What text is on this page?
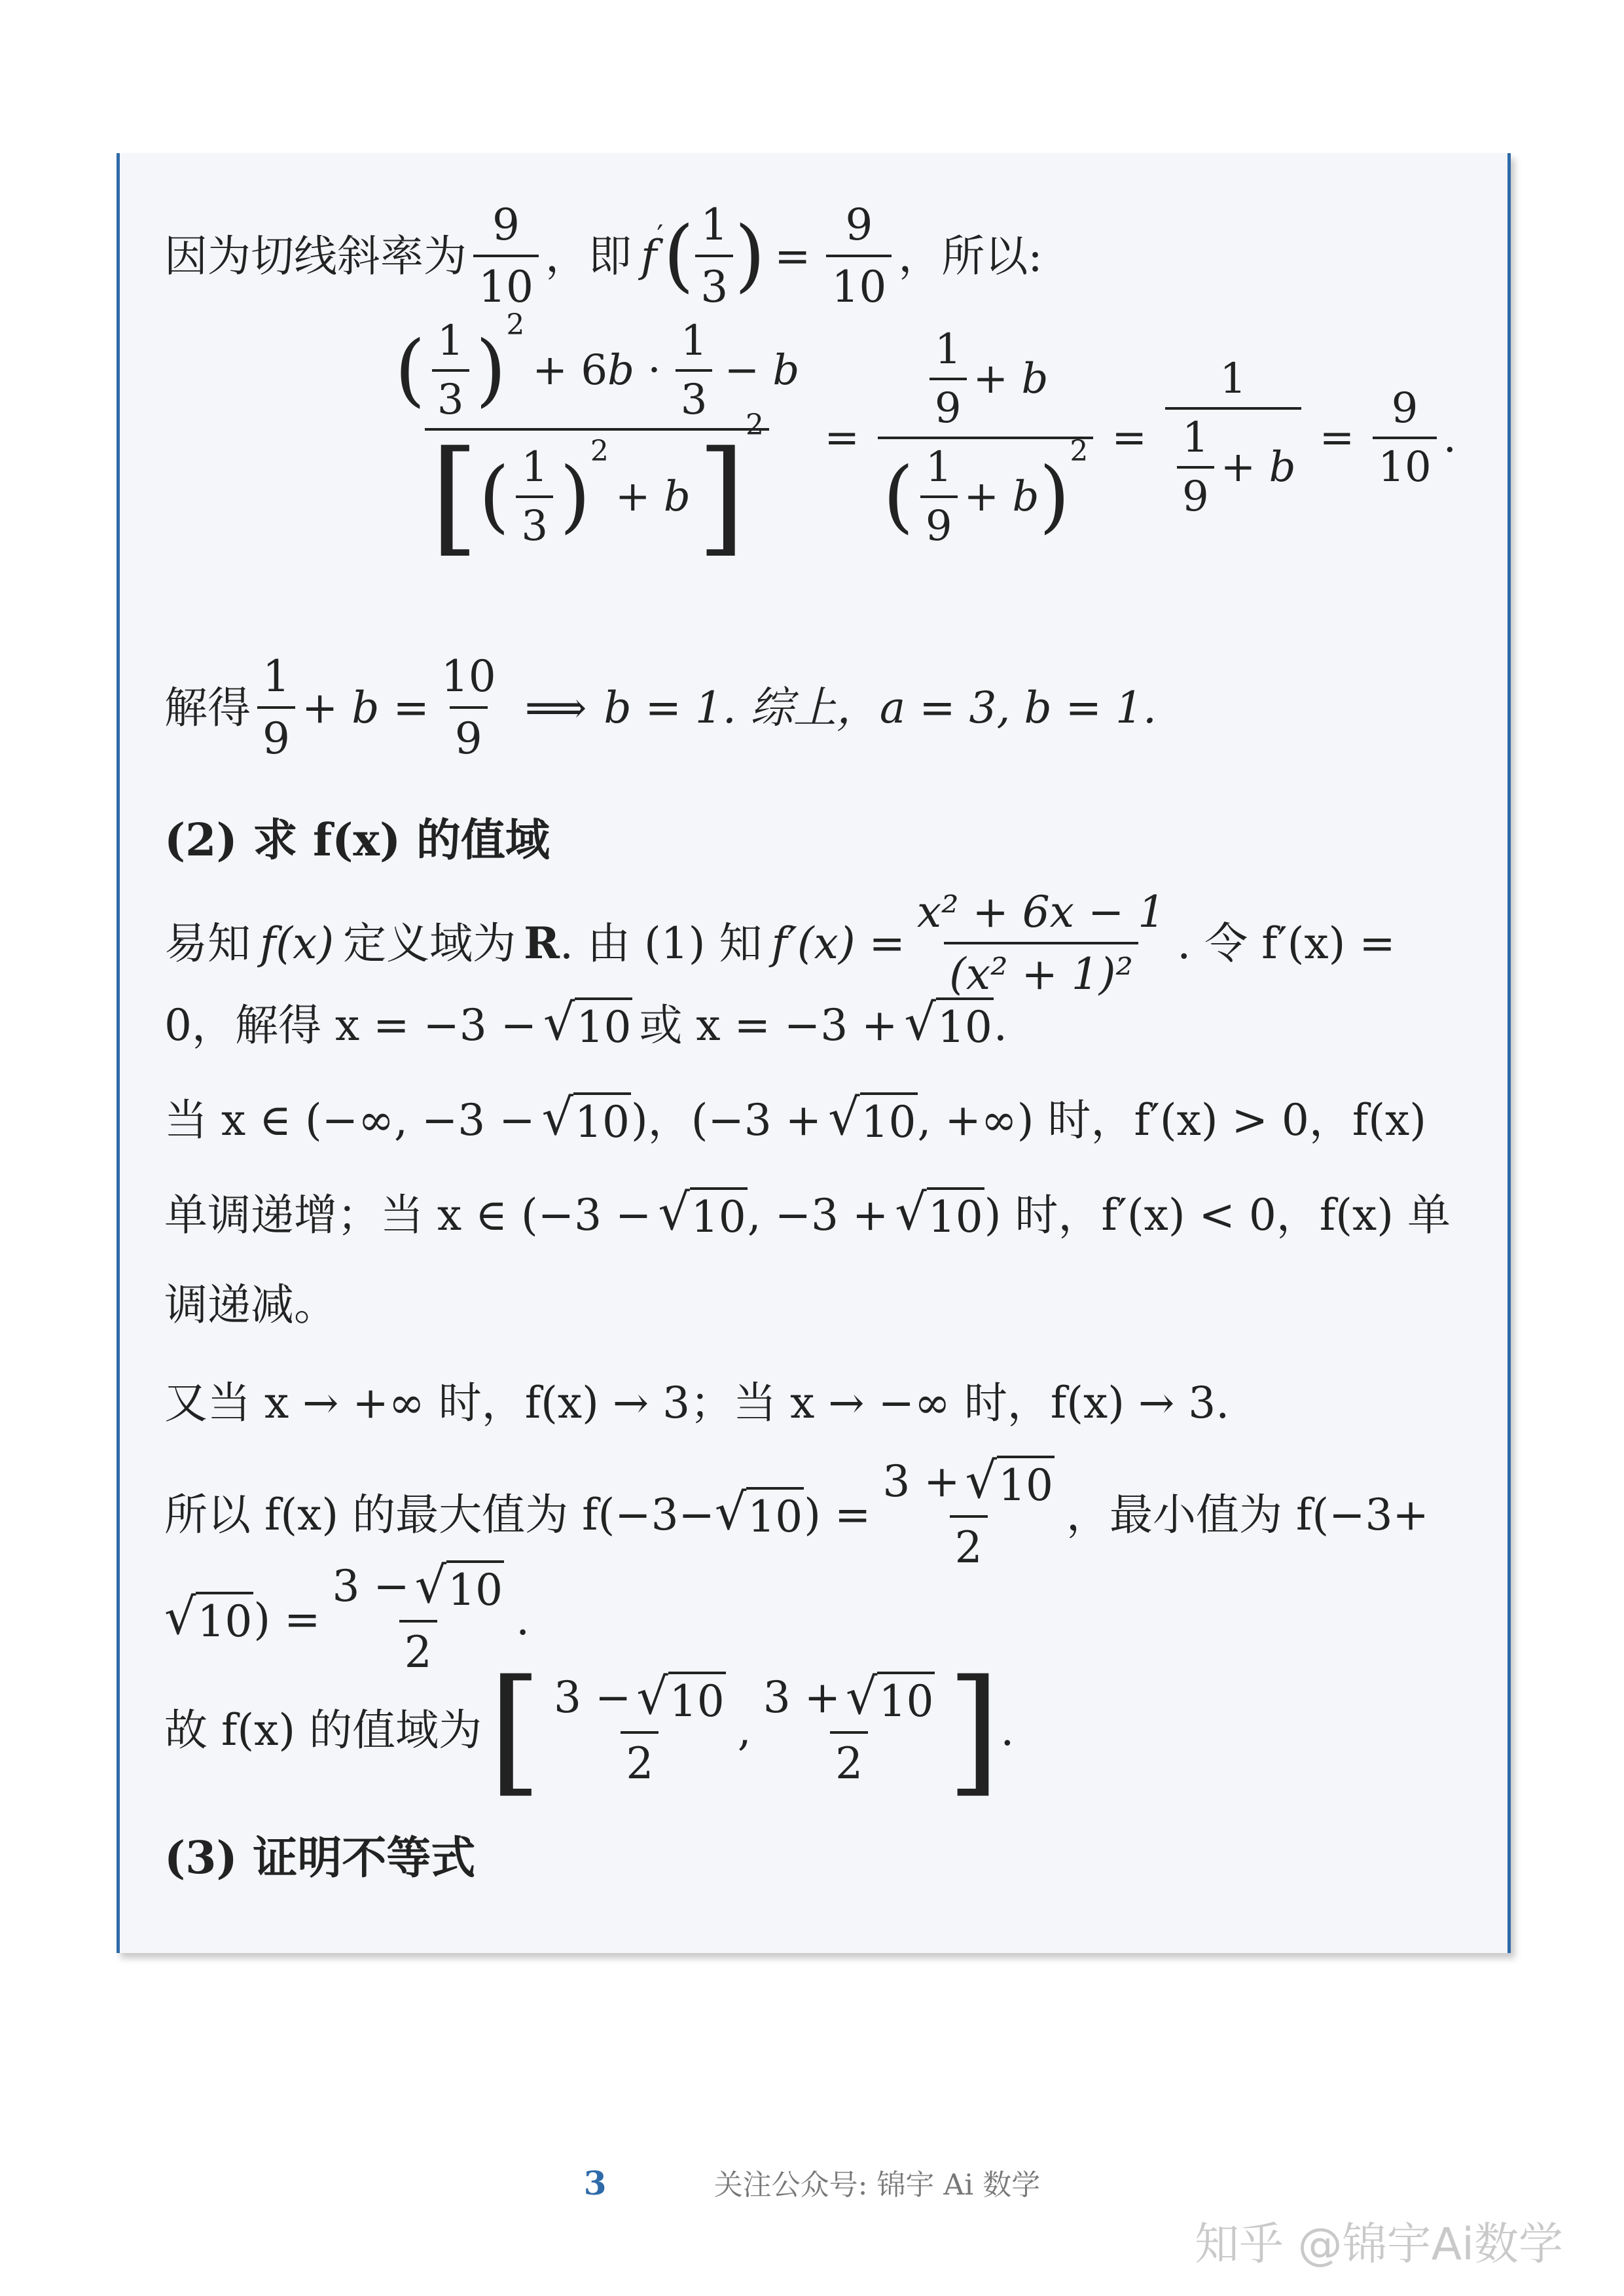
因为切线斜率为 $\frac{9}{10}$ ，即 f ′ ( $\frac{1}{3}$ ) = $\frac{9}{10}$ ，所以:
( $\frac{1}{3}$ ) 2
+ $6b \cdot \frac{1}{3} - b$
[ ( $\frac{1}{3}$ ) 2
+ b ] $2 = \frac{\frac{1}{9} + b}{( \frac{1}{9} + b ) 2} = \frac{1}{\frac{1}{9} + b} = \frac{9}{10}$ .
解得 $\frac{1}{9} + b = \frac{10}{9}$ ⟹ b = 1. 综上， a = 3, b = 1.
(2) 求 f(x) 的值域
易知 f(x) 定义域为 R . 由 (1) 知 $f'(x) = \frac{\text{x² + 6x − 1}}{\text{(x² + 1)²}}$ . 令 f′(x) =
0，解得 x = −3 − √ 10 或 x = −3 + √ 10 .
当 x ∈ (−∞, −3 − √ 10 )，(−3 + √ 10 , +∞) 时，f′(x) > 0，f(x)
单调递增；当 x ∈ (−3 − √ 10 , −3 + √ 10 ) 时，f′(x) < 0，f(x) 单
调递减。
又当 x → +∞ 时，f(x) → 3；当 x → −∞ 时，f(x) → 3.
所以 f(x) 的最大值为 f(−3− √ 10 ) = $\frac{3 + √ 10}{2}$ ，最小值为 f(−3+
√ 10 ) = $\frac{3 - √ 10}{2}$ .
故 f(x) 的值域为 [ $\frac{3 - √ 10}{2}$ , $\frac{3 + √ 10}{2}$ ] .
(3) 证明不等式
3	关注公众号: 锦宇 Ai 数学
知乎 @锦宇Ai数学
